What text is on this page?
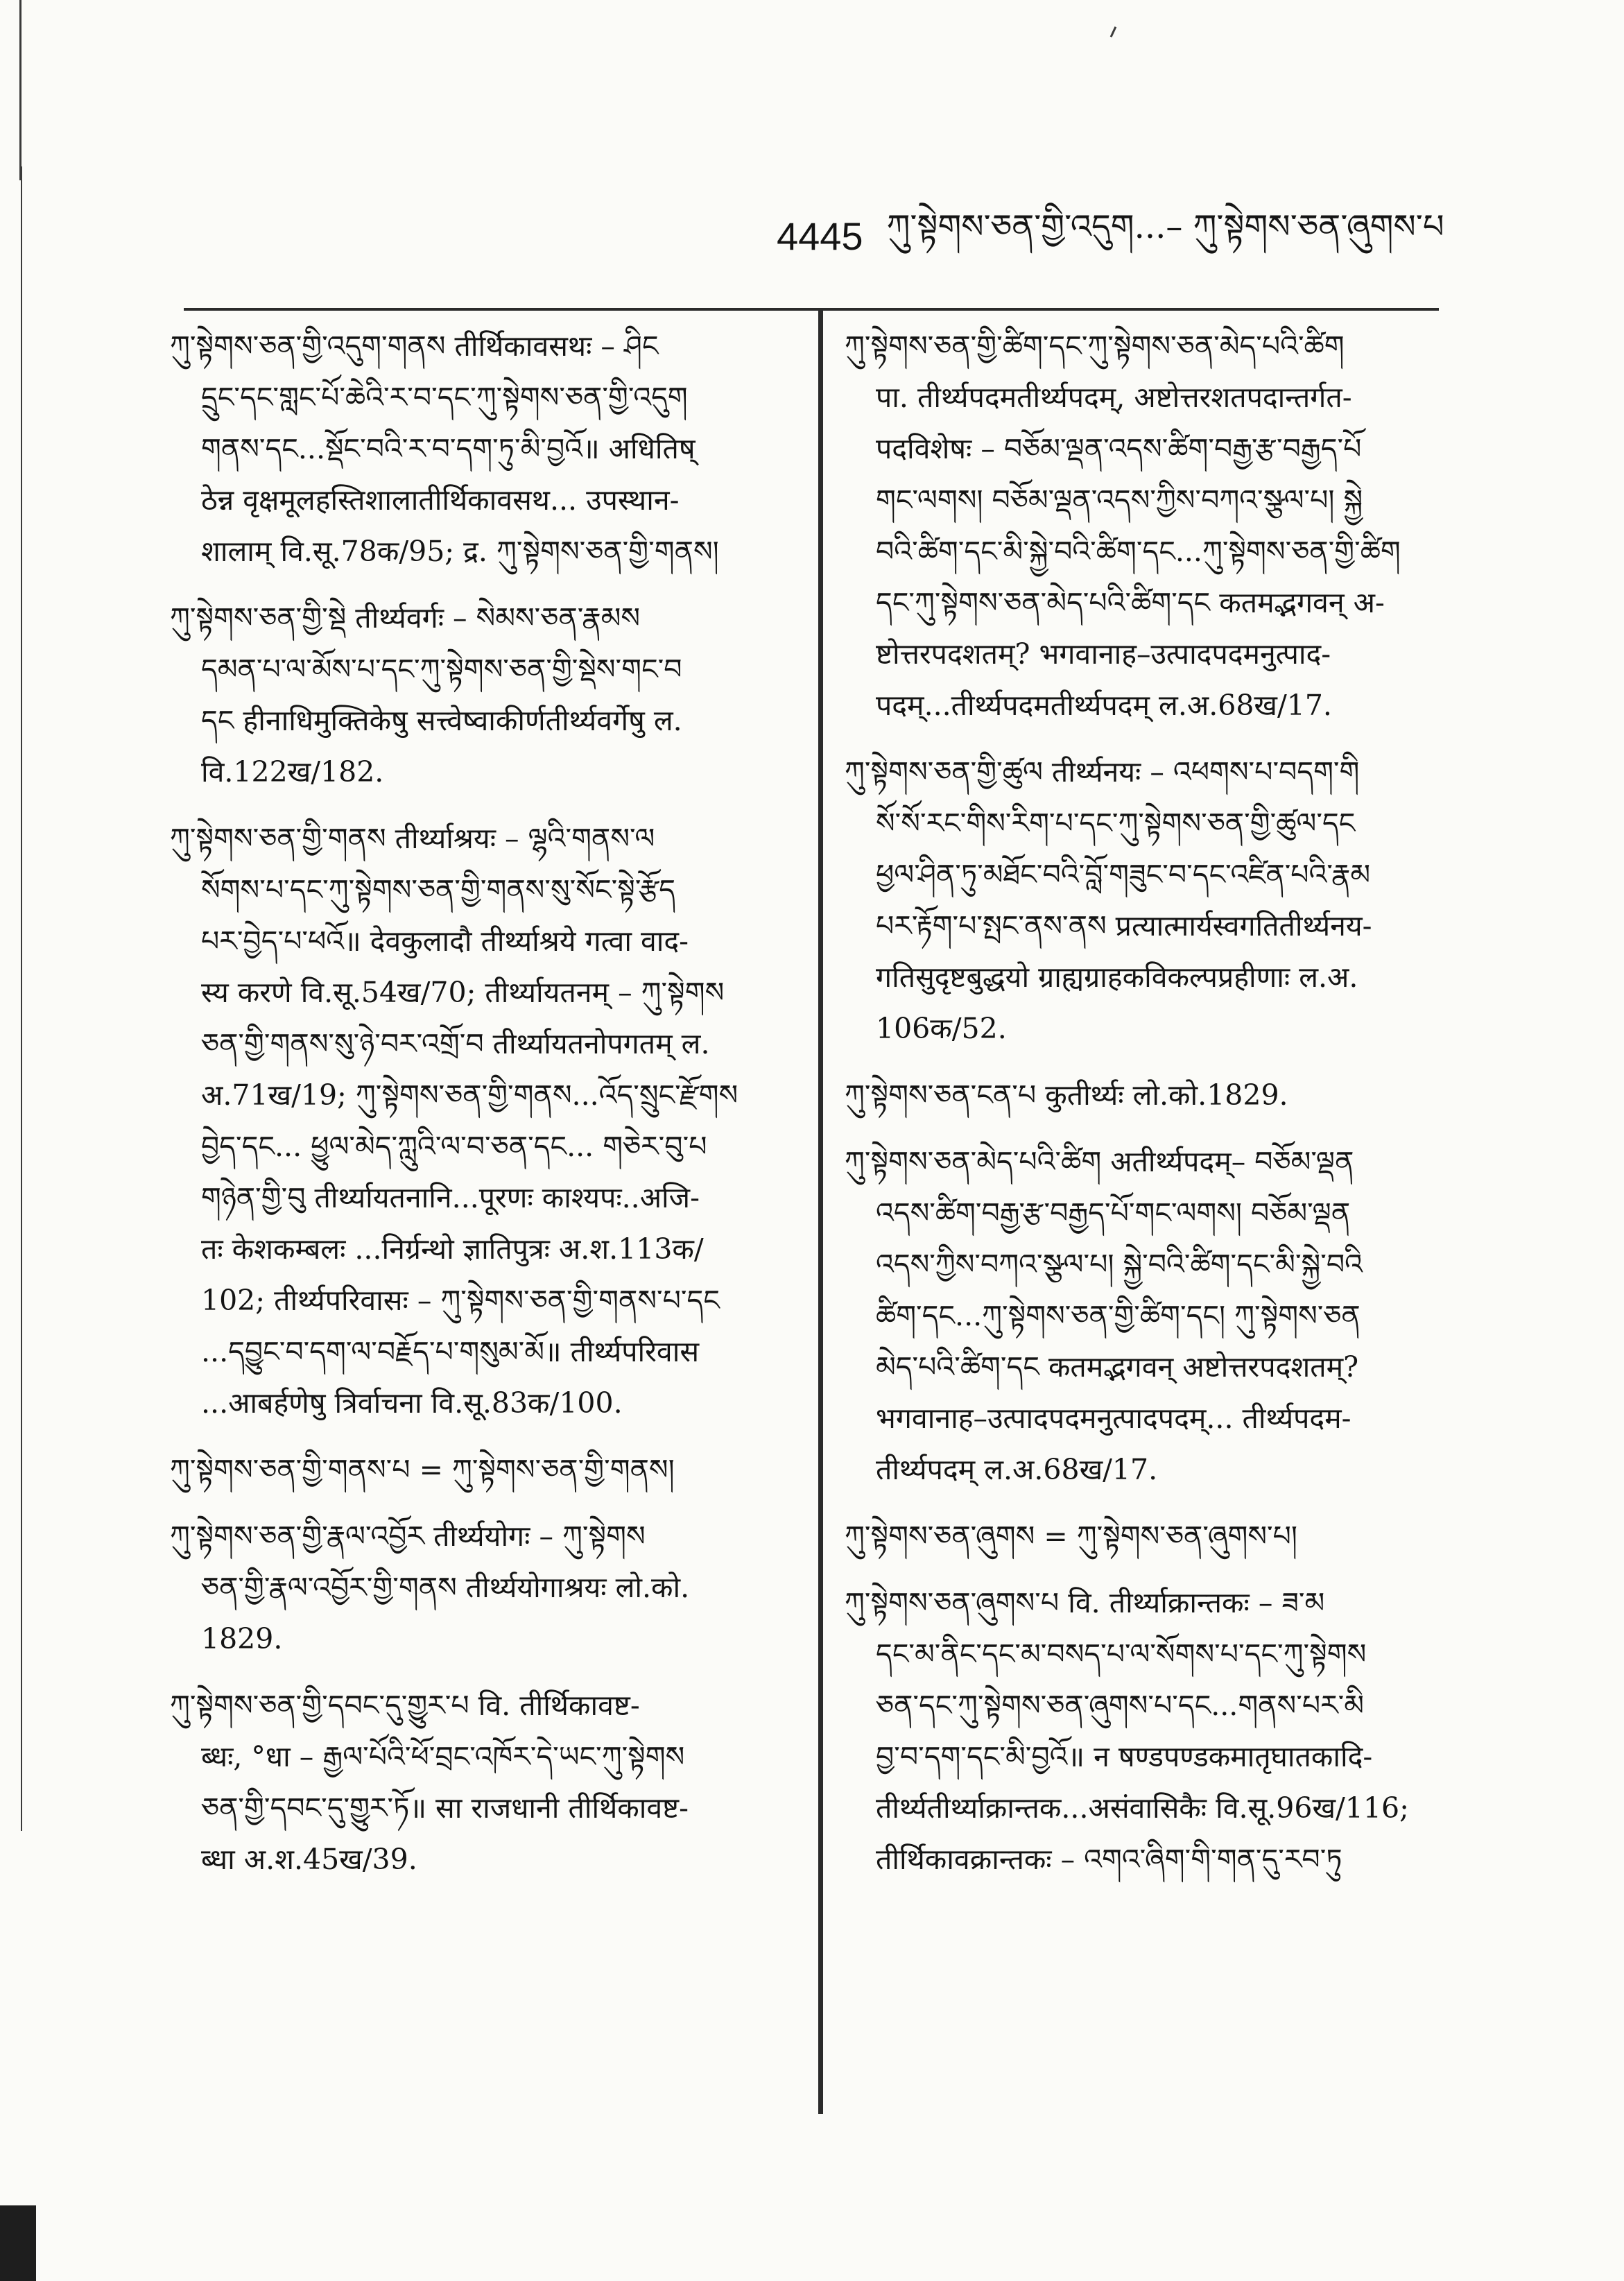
4445 ཀུ་སྟེགས་ཅན་གྱི་འདུག...– ཀུ་སྟེགས་ཅན་ཞུགས་པ
ཀུ་སྟེགས་ཅན་གྱི་འདུག་གནས तीर्थिकावसथः – ཤིང
དྲུང་དང་གླང་པོ་ཆེའི་ར་བ་དང་ཀུ་སྟེགས་ཅན་གྱི་འདུག
གནས་དང...སྡོང་བའི་ར་བ་དག་ཏུ་མི་བྱའོ॥ अधितिष्
ठेन्न वृक्षमूलहस्तिशालातीर्थिकावसथ... उपस्थान-
शालाम् वि.सू.78क/95; द्र. ཀུ་སྟེགས་ཅན་གྱི་གནས།
ཀུ་སྟེགས་ཅན་གྱི་སྡེ तीर्थ्यवर्गः – སེམས་ཅན་རྣམས
དམན་པ་ལ་མོས་པ་དང་ཀུ་སྟེགས་ཅན་གྱི་སྡེས་གང་བ
དང हीनाधिमुक्तिकेषु सत्त्वेष्वाकीर्णतीर्थ्यवर्गेषु ल.
वि.122ख/182.
ཀུ་སྟེགས་ཅན་གྱི་གནས तीर्थ्याश्रयः – ལྷའི་གནས་ལ
སོགས་པ་དང་ཀུ་སྟེགས་ཅན་གྱི་གནས་སུ་སོང་སྟེ་རྩོད
པར་བྱེད་པ་ཕའོ॥ देवकुलादौ तीर्थ्याश्रये गत्वा वाद-
स्य करणे वि.सू.54ख/70; तीर्थ्यायतनम् – ཀུ་སྟེགས
ཅན་གྱི་གནས་སུ་ཉེ་བར་འགྲོ་བ तीर्थ्यायतनोपगतम् ल.
अ.71ख/19; ཀུ་སྟེགས་ཅན་གྱི་གནས...འོད་སྲུང་རྫོགས
བྱེད་དང... ཕྱུལ་མེད་ཀླུའི་ལ་བ་ཅན་དང... གཅེར་བུ་པ
གཉེན་གྱི་བུ तीर्थ्यायतनानि...पूरणः काश्यपः..अजि-
तः केशकम्बलः ...निर्ग्रन्थो ज्ञातिपुत्रः अ.श.113क/
102; तीर्थ्यपरिवासः – ཀུ་སྟེགས་ཅན་གྱི་གནས་པ་དང
...དབྱུང་བ་དག་ལ་བརྗོད་པ་གསུམ་མོ॥ तीर्थ्यपरिवास
...आबर्हणेषु त्रिर्वाचना वि.सू.83क/100.
ཀུ་སྟེགས་ཅན་གྱི་གནས་པ = ཀུ་སྟེགས་ཅན་གྱི་གནས།
ཀུ་སྟེགས་ཅན་གྱི་རྣལ་འབྱོར तीर्थ्ययोगः – ཀུ་སྟེགས
ཅན་གྱི་རྣལ་འབྱོར་གྱི་གནས तीर्थ्ययोगाश्रयः लो.को.
1829.
ཀུ་སྟེགས་ཅན་གྱི་དབང་དུ་གྱུར་པ वि. तीर्थिकावष्ट-
ब्धः, °धा – རྒྱལ་པོའི་ཕོ་བྲང་འཁོར་དེ་ཡང་ཀུ་སྟེགས
ཅན་གྱི་དབང་དུ་གྱུར་ཏོ॥ सा राजधानी तीर्थिकावष्ट-
ब्धा अ.श.45ख/39.
ཀུ་སྟེགས་ཅན་གྱི་ཚིག་དང་ཀུ་སྟེགས་ཅན་མེད་པའི་ཚིག
पा. तीर्थ्यपदमतीर्थ्यपदम्, अष्टोत्तरशतपदान्तर्गत-
पदविशेषः – བཅོམ་ལྡན་འདས་ཚིག་བརྒྱ་རྩ་བརྒྱད་པོ
གང་ལགས། བཅོམ་ལྡན་འདས་ཀྱིས་བཀའ་སྩལ་པ། སྐྱེ
བའི་ཚིག་དང་མི་སྐྱེ་བའི་ཚིག་དང...ཀུ་སྟེགས་ཅན་གྱི་ཚིག
དང་ཀུ་སྟེགས་ཅན་མེད་པའི་ཚིག་དང कतमद्भगवन् अ-
ष्टोत्तरपदशतम्? भगवानाह–उत्पादपदमनुत्पाद-
पदम्...तीर्थ्यपदमतीर्थ्यपदम् ल.अ.68ख/17.
ཀུ་སྟེགས་ཅན་གྱི་ཚུལ तीर्थ्यनयः – འཕགས་པ་བདག་གི
སོ་སོ་རང་གིས་རིག་པ་དང་ཀུ་སྟེགས་ཅན་གྱི་ཚུལ་དང
ཕྱལ་ཤིན་ཏུ་མཐོང་བའི་བློ་གཟུང་བ་དང་འཛིན་པའི་རྣམ
པར་རྟོག་པ་སྤང་ནས་ནས प्रत्यात्मार्यस्वगतितीर्थ्यनय-
गतिसुदृष्टबुद्धयो ग्राह्यग्राहकविकल्पप्रहीणाः ल.अ.
106क/52.
ཀུ་སྟེགས་ཅན་ངན་པ कुतीर्थ्यः लो.को.1829.
ཀུ་སྟེགས་ཅན་མེད་པའི་ཚིག अतीर्थ्यपदम्– བཅོམ་ལྡན
འདས་ཚིག་བརྒྱ་རྩ་བརྒྱད་པོ་གང་ལགས། བཅོམ་ལྡན
འདས་ཀྱིས་བཀའ་སྩལ་པ། སྐྱེ་བའི་ཚིག་དང་མི་སྐྱེ་བའི
ཚིག་དང...ཀུ་སྟེགས་ཅན་གྱི་ཚིག་དང། ཀུ་སྟེགས་ཅན
མེད་པའི་ཚིག་དང कतमद्भगवन् अष्टोत्तरपदशतम्?
भगवानाह–उत्पादपदमनुत्पादपदम्... तीर्थ्यपदम-
तीर्थ्यपदम् ल.अ.68ख/17.
ཀུ་སྟེགས་ཅན་ཞུགས = ཀུ་སྟེགས་ཅན་ཞུགས་པ།
ཀུ་སྟེགས་ཅན་ཞུགས་པ वि. तीर्थ्याक्रान्तकः – ཟ་མ
དང་མ་ནིང་དང་མ་བསད་པ་ལ་སོགས་པ་དང་ཀུ་སྟེགས
ཅན་དང་ཀུ་སྟེགས་ཅན་ཞུགས་པ་དང...གནས་པར་མི
བྱ་བ་དག་དང་མི་བྱའོ॥ न षण्डपण्डकमातृघातकादि-
तीर्थ्यतीर्थ्याक्रान्तक...असंवासिकैः वि.सू.96ख/116;
तीर्थिकावक्रान्तकः – འགའ་ཞིག་གི་གན་དུ་རབ་ཏུ
